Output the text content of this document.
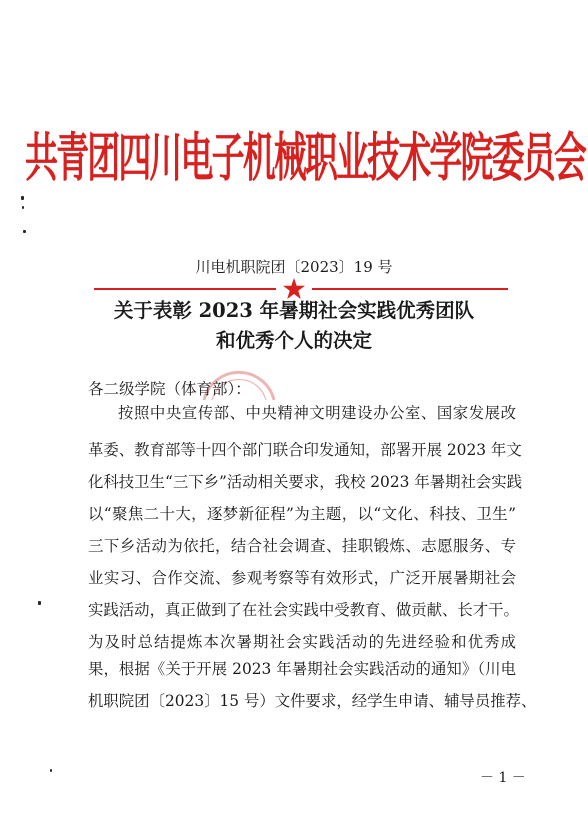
共青团四川电子机械职业技术学院委员会
川电机职院团〔2023〕19 号
关于表彰 2023 年暑期社会实践优秀团队
和优秀个人的决定
各二级学院（体育部）：
按照中央宣传部、中央精神文明建设办公室、国家发展改
革委、教育部等十四个部门联合印发通知，部署开展 2023 年文
化科技卫生“三下乡”活动相关要求，我校 2023 年暑期社会实践
以“聚焦二十大，逐梦新征程”为主题，以“文化、科技、卫生”
三下乡活动为依托，结合社会调查、挂职锻炼、志愿服务、专
业实习、合作交流、参观考察等有效形式，广泛开展暑期社会
实践活动，真正做到了在社会实践中受教育、做贡献、长才干。
为及时总结提炼本次暑期社会实践活动的先进经验和优秀成
果，根据《关于开展 2023 年暑期社会实践活动的通知》（川电
机职院团〔2023〕15 号）文件要求，经学生申请、辅导员推荐、
－ 1 －
